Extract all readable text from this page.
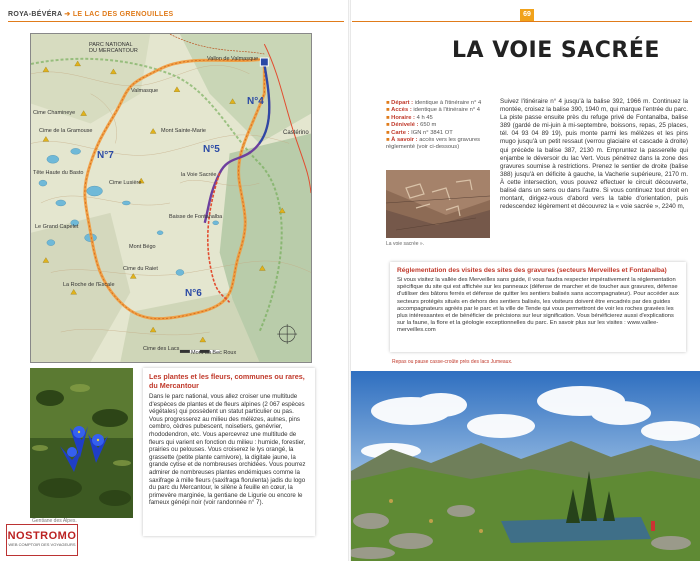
ROYA-BÉVÉRA ➔ LE LAC DES GRENOUILLES	69
PARC NATIONAL
DU MERCANTOUR
Vallon de Valmasque
Valmasque
Cime Chamineye
Cime de la Gramouse
Tête Haute du Basto
Mont Sainte-Marie
Cime Lusière
Le Grand Capelet
La Roche de l'Escale
Cime du Raiet
Mont Bégo
Cime des Lacs
Baisse de Fontanalba
Mont du Bec Roux
la Voie Sacrée
Castérino
N°4
N°5
N°6
N°7
Gentiane des Alpes.
Les plantes et les fleurs, communes ou rares, du Mercantour
Dans le parc national, vous allez croiser une multitude d'espèces de plantes et de fleurs alpines (2 067 espèces végétales) qui possèdent un statut particulier ou pas. Vous progresserez au milieu des mélèzes, aulnes, pins cembro, cèdres pubescent, noisetiers, genévrier, rhododendron, etc. Vous apercevrez une multitude de fleurs qui varient en fonction du milieu : humide, forestier, prairies ou pelouses. Vous croiserez le lys orangé, la grassette (petite plante carnivore), la digitale jaune, la grande cytise et de nombreuses orchidées. Vous pourrez admirer de nombreuses plantes endémiques comme la saxifrage à mille fleurs (saxifraga florulenta) jadis du logo du parc du Mercantour, le silène à feuille en cœur, la primevère marginée, la gentiane de Ligurie ou encore le fameux génépi noir (voir randonnée n° 7).
NOSTROMO
WEB COMPTOIR DES VOYAGEURS
LA VOIE SACRÉE
■ Départ : identique à l'itinéraire n° 4
■ Accès : identique à l'itinéraire n° 4
■ Horaire : 4 h 45
■ Dénivelé : 650 m
■ Carte : IGN n° 3841 OT
■ À savoir : accès vers les gravures réglementé (voir ci-dessous)
La voie sacrée ».
Suivez l'itinéraire n° 4 jusqu'à la balise 392, 1966 m. Continuez la montée, croisez la balise 390, 1940 m, qui marque l'entrée du parc. La piste passe ensuite près du refuge privé de Fontanalba, balise 389 (gardé de mi-juin à mi-septembre, boissons, repas, 25 places, tél. 04 93 04 89 19), puis monte parmi les mélèzes et les pins mugo jusqu'à un petit ressaut (verrou glaciaire et cascade à droite) qui précède la balise 387, 2130 m. Empruntez la passerelle qui enjambe le déversoir du lac Vert. Vous pénétrez dans la zone des gravures soumise à restrictions. Prenez le sentier de droite (balise 388) jusqu'à en déficite à gauche, la Vacherie supérieure, 2170 m. À cette intersection, vous pouvez effectuer le circuit découverte, balisé dans un sens ou dans l'autre. Si vous continuez tout droit en montant, dirigez-vous d'abord vers la table d'orientation, puis redescendez légèrement et découvrez la « voie sacrée », 2240 m,
Réglementation des visites des sites des gravures (secteurs Merveilles et Fontanalba)
Si vous visitez la vallée des Merveilles sans guide, il vous faudra respecter impérativement la réglementation spécifique du site qui est affichée sur les panneaux (défense de marcher et de toucher aux gravures, défense d'utiliser des bâtons ferrés et défense de quitter les sentiers balisés sans accompagnateur). Pour accéder aux secteurs protégés situés en dehors des sentiers balisés, les visiteurs doivent être encadrés par des guides accompagnateurs agréés par le parc et la ville de Tende qui vous permettront de voir les roches gravées les plus intéressantes et de bénéficier de précisions sur leur signification. Vous bénéficierez aussi d'explications sur la faune, la flore et la géologie exceptionnelles du parc. En savoir plus sur les visites : www.vallee-merveilles.com
Repas ou pause casse-croûte près des lacs Jumeaux.
